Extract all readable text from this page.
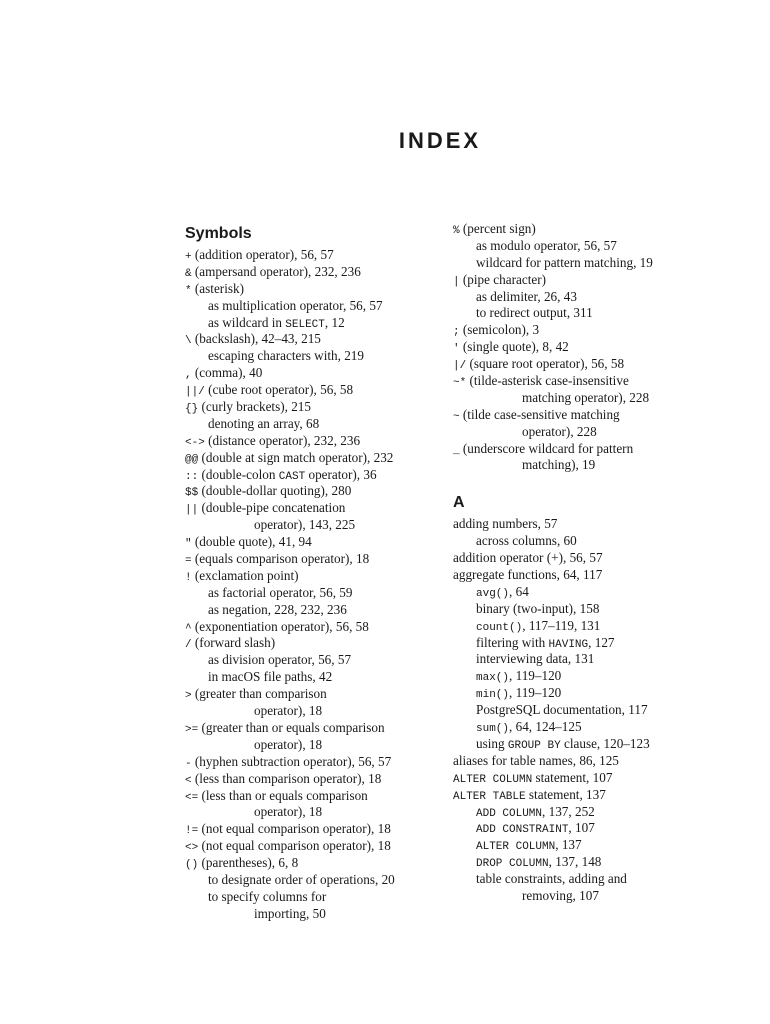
INDEX
Symbols
+ (addition operator), 56, 57
& (ampersand operator), 232, 236
* (asterisk)
as multiplication operator, 56, 57
as wildcard in SELECT, 12
\ (backslash), 42–43, 215
escaping characters with, 219
, (comma), 40
||/ (cube root operator), 56, 58
{} (curly brackets), 215
denoting an array, 68
<-> (distance operator), 232, 236
@@ (double at sign match operator), 232
:: (double-colon CAST operator), 36
$$ (double-dollar quoting), 280
|| (double-pipe concatenation
operator), 143, 225
" (double quote), 41, 94
= (equals comparison operator), 18
! (exclamation point)
as factorial operator, 56, 59
as negation, 228, 232, 236
^ (exponentiation operator), 56, 58
/ (forward slash)
as division operator, 56, 57
in macOS file paths, 42
> (greater than comparison
operator), 18
>= (greater than or equals comparison
operator), 18
- (hyphen subtraction operator), 56, 57
< (less than comparison operator), 18
<= (less than or equals comparison
operator), 18
!= (not equal comparison operator), 18
<> (not equal comparison operator), 18
() (parentheses), 6, 8
to designate order of operations, 20
to specify columns for
importing, 50
% (percent sign)
as modulo operator, 56, 57
wildcard for pattern matching, 19
| (pipe character)
as delimiter, 26, 43
to redirect output, 311
; (semicolon), 3
' (single quote), 8, 42
|/ (square root operator), 56, 58
~* (tilde-asterisk case-insensitive
matching operator), 228
~ (tilde case-sensitive matching
operator), 228
_ (underscore wildcard for pattern
matching), 19
A
adding numbers, 57
across columns, 60
addition operator (+), 56, 57
aggregate functions, 64, 117
avg(), 64
binary (two-input), 158
count(), 117–119, 131
filtering with HAVING, 127
interviewing data, 131
max(), 119–120
min(), 119–120
PostgreSQL documentation, 117
sum(), 64, 124–125
using GROUP BY clause, 120–123
aliases for table names, 86, 125
ALTER COLUMN statement, 107
ALTER TABLE statement, 137
ADD COLUMN, 137, 252
ADD CONSTRAINT, 107
ALTER COLUMN, 137
DROP COLUMN, 137, 148
table constraints, adding and
removing, 107
